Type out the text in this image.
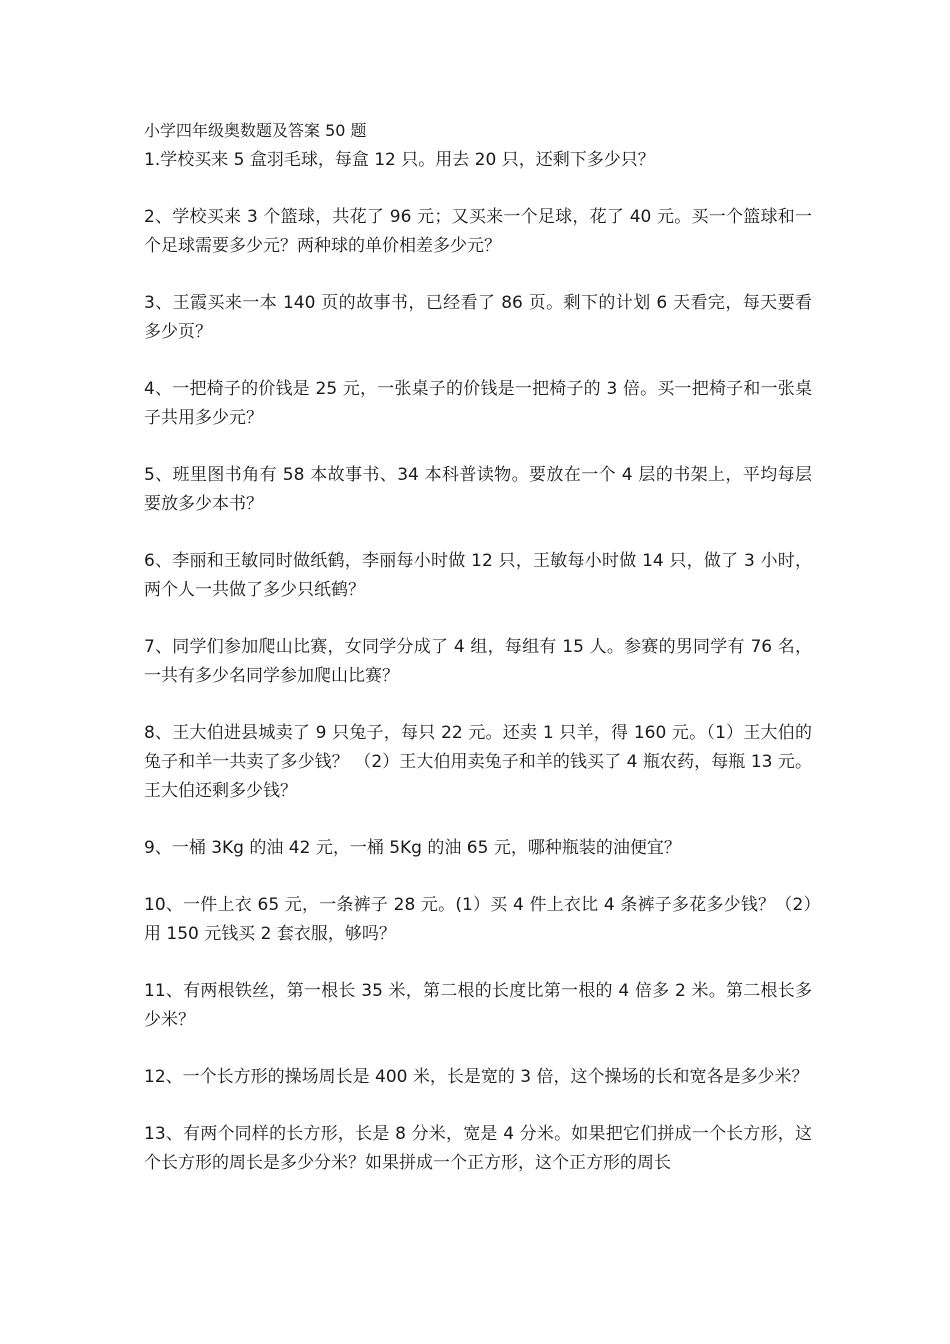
小学四年级奥数题及答案 50 题

1.学校买来 5 盒羽毛球，每盒 12 只。用去 20 只，还剩下多少只？

2、学校买来 3 个篮球，共花了 96 元；又买来一个足球，花了 40 元。买一个篮球和一个足球需要多少元？两种球的单价相差多少元？

3、王霞买来一本 140 页的故事书，已经看了 86 页。剩下的计划 6 天看完，每天要看多少页？

4、一把椅子的价钱是 25 元，一张桌子的价钱是一把椅子的 3 倍。买一把椅子和一张桌子共用多少元？

5、班里图书角有 58 本故事书、34 本科普读物。要放在一个 4 层的书架上，平均每层要放多少本书？

6、李丽和王敏同时做纸鹤，李丽每小时做 12 只，王敏每小时做 14 只，做了 3 小时，两个人一共做了多少只纸鹤？

7、同学们参加爬山比赛，女同学分成了 4 组，每组有 15 人。参赛的男同学有 76 名，一共有多少名同学参加爬山比赛？

8、王大伯进县城卖了 9 只兔子，每只 22 元。还卖 1 只羊，得 160 元。（1）王大伯的兔子和羊一共卖了多少钱？ （2）王大伯用卖兔子和羊的钱买了 4 瓶农药，每瓶 13 元。王大伯还剩多少钱？

9、一桶 3Kg 的油 42 元，一桶 5Kg 的油 65 元，哪种瓶装的油便宜？

10、一件上衣 65 元，一条裤子 28 元。(1）买 4 件上衣比 4 条裤子多花多少钱？（2）用 150 元钱买 2 套衣服，够吗？

11、有两根铁丝，第一根长 35 米，第二根的长度比第一根的 4 倍多 2 米。第二根长多少米？

12、一个长方形的操场周长是 400 米，长是宽的 3 倍，这个操场的长和宽各是多少米？

13、有两个同样的长方形，长是 8 分米，宽是 4 分米。如果把它们拼成一个长方形，这个长方形的周长是多少分米？如果拼成一个正方形，这个正方形的周长
